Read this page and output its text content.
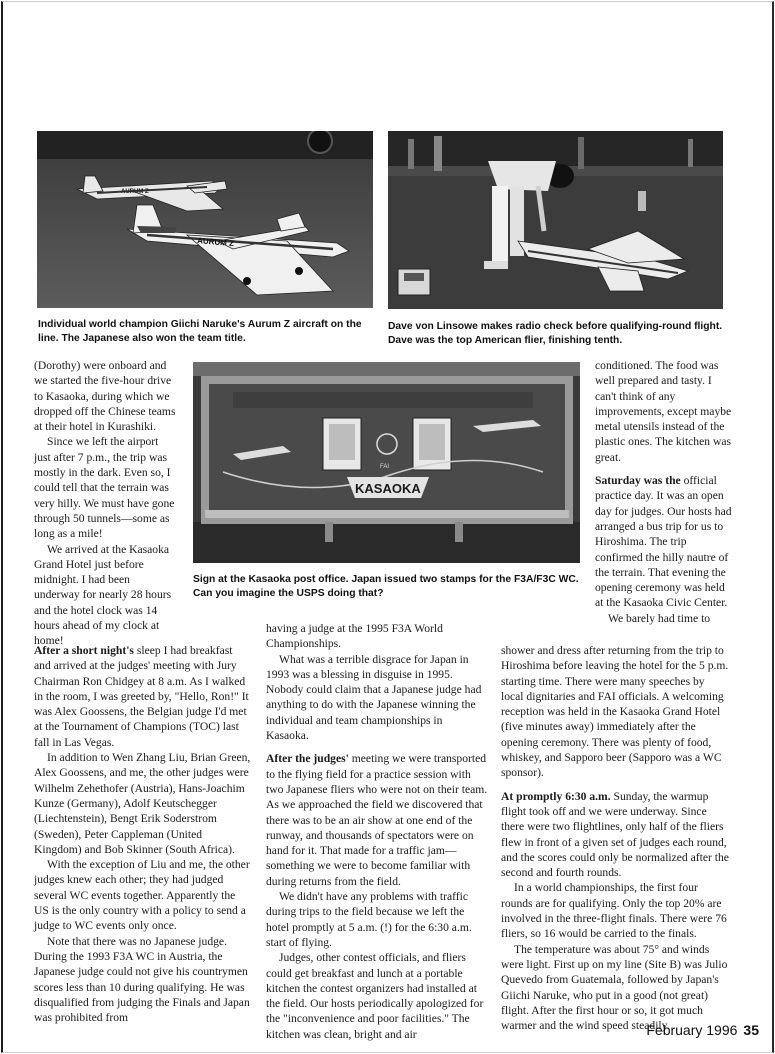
AURUM Z
AURUM Z
Individual world champion Giichi Naruke's Aurum Z aircraft on the line. The Japanese also won the team title.
Dave von Linsowe makes radio check before qualifying-round flight. Dave was the top American flier, finishing tenth.
FAI
KASAOKA
Sign at the Kasaoka post office. Japan issued two stamps for the F3A/F3C WC. Can you imagine the USPS doing that?

(Dorothy) were onboard and we started the five-hour drive to Kasaoka, during which we dropped off the Chinese teams at their hotel in Kurashiki.

Since we left the airport just after 7 p.m., the trip was mostly in the dark. Even so, I could tell that the terrain was very hilly. We must have gone through 50 tunnels—some as long as a mile!

We arrived at the Kasaoka Grand Hotel just before midnight. I had been underway for nearly 28 hours and the hotel clock was 14 hours ahead of my clock at home!

conditioned. The food was well prepared and tasty. I can't think of any improvements, except maybe metal utensils instead of the plastic ones. The kitchen was great.

Saturday was the official practice day. It was an open day for judges. Our hosts had arranged a bus trip for us to Hiroshima. The trip confirmed the hilly nautre of the terrain. That evening the opening ceremony was held at the Kasaoka Civic Center.

We barely had time to

After a short night's sleep I had breakfast and arrived at the judges' meeting with Jury Chairman Ron Chidgey at 8 a.m. As I walked in the room, I was greeted by, "Hello, Ron!" It was Alex Goossens, the Belgian judge I'd met at the Tournament of Champions (TOC) last fall in Las Vegas.

In addition to Wen Zhang Liu, Brian Green, Alex Goossens, and me, the other judges were Wilhelm Zehethofer (Austria), Hans-Joachim Kunze (Germany), Adolf Keutschegger (Liechtenstein), Bengt Erik Soderstrom (Sweden), Peter Cappleman (United Kingdom) and Bob Skinner (South Africa).

With the exception of Liu and me, the other judges knew each other; they had judged several WC events together. Apparently the US is the only country with a policy to send a judge to WC events only once.

Note that there was no Japanese judge. During the 1993 F3A WC in Austria, the Japanese judge could not give his countrymen scores less than 10 during qualifying. He was disqualified from judging the Finals and Japan was prohibited from

having a judge at the 1995 F3A World Championships.

What was a terrible disgrace for Japan in 1993 was a blessing in disguise in 1995. Nobody could claim that a Japanese judge had anything to do with the Japanese winning the individual and team championships in Kasaoka.

After the judges' meeting we were transported to the flying field for a practice session with two Japanese fliers who were not on their team. As we approached the field we discovered that there was to be an air show at one end of the runway, and thousands of spectators were on hand for it. That made for a traffic jam—something we were to become familiar with during returns from the field.

We didn't have any problems with traffic during trips to the field because we left the hotel promptly at 5 a.m. (!) for the 6:30 a.m. start of flying.

Judges, other contest officials, and fliers could get breakfast and lunch at a portable kitchen the contest organizers had installed at the field. Our hosts periodically apologized for the "inconvenience and poor facilities." The kitchen was clean, bright and air

shower and dress after returning from the trip to Hiroshima before leaving the hotel for the 5 p.m. starting time. There were many speeches by local dignitaries and FAI officials. A welcoming reception was held in the Kasaoka Grand Hotel (five minutes away) immediately after the opening ceremony. There was plenty of food, whiskey, and Sapporo beer (Sapporo was a WC sponsor).

At promptly 6:30 a.m. Sunday, the warmup flight took off and we were underway. Since there were two flightlines, only half of the fliers flew in front of a given set of judges each round, and the scores could only be normalized after the second and fourth rounds.

In a world championships, the first four rounds are for qualifying. Only the top 20% are involved in the three-flight finals. There were 76 fliers, so 16 would be carried to the finals.

The temperature was about 75° and winds were light. First up on my line (Site B) was Julio Quevedo from Guatemala, followed by Japan's Giichi Naruke, who put in a good (not great) flight. After the first hour or so, it got much warmer and the wind speed steadily

February 1996 35
